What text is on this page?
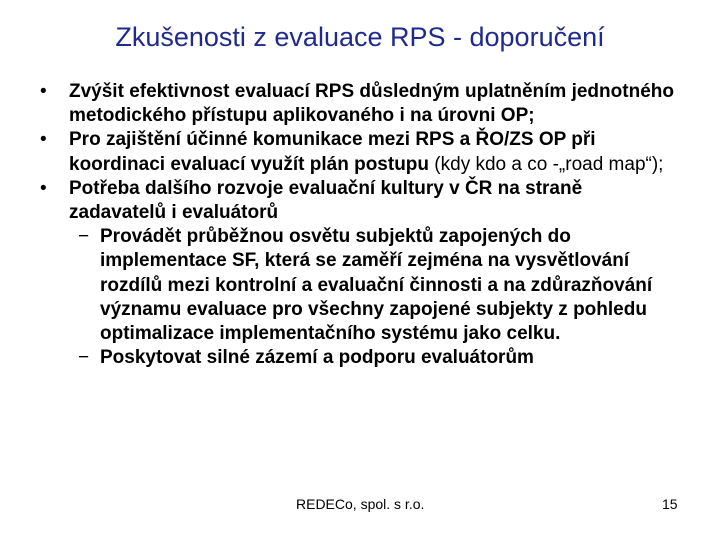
Zkušenosti z evaluace RPS - doporučení
• Zvýšit efektivnost evaluací RPS důsledným uplatněním jednotného metodického přístupu aplikovaného i na úrovni OP;
• Pro zajištění účinné komunikace mezi RPS a ŘO/ZS OP při koordinaci evaluací využít plán postupu (kdy kdo a co -„road map“);
• Potřeba dalšího rozvoje evaluační kultury v ČR na straně zadavatelů i evaluátorů
− Provádět průběžnou osvětu subjektů zapojených do implementace SF, která se zaměří zejména na vysvětlování rozdílů mezi kontrolní a evaluační činnosti a na zdůrazňování významu evaluace pro všechny zapojené subjekty z pohledu optimalizace implementačního systému jako celku.
− Poskytovat silné zázemí a podporu evaluátorům
REDECo, spol. s r.o.	15
